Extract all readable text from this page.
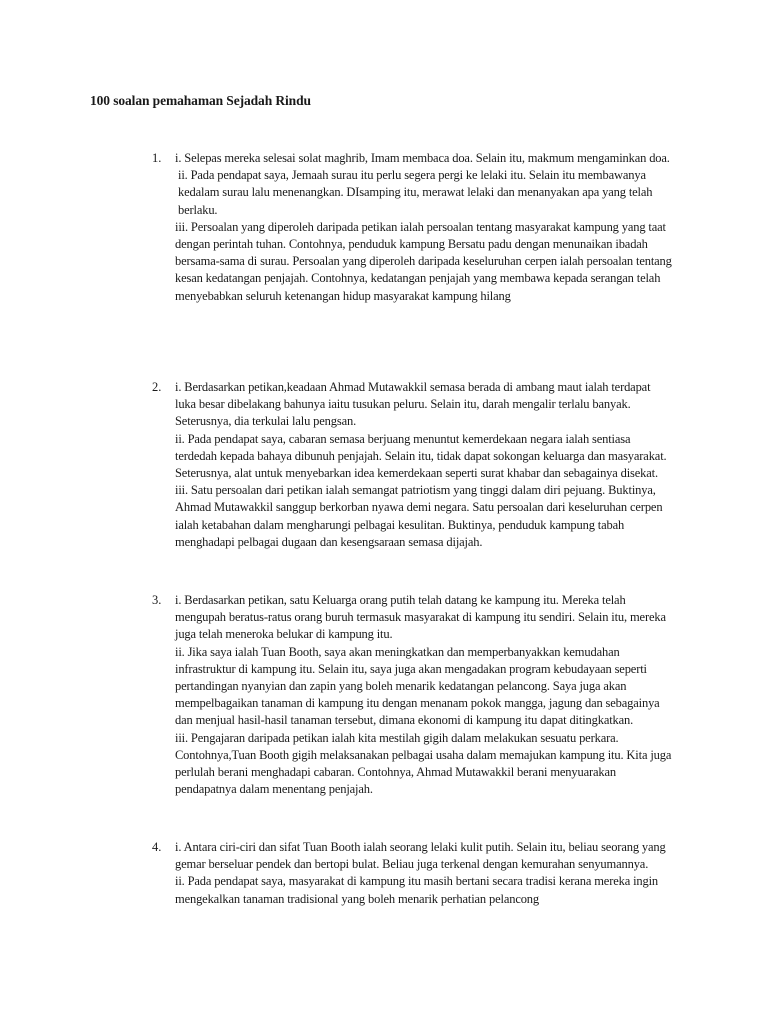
100 soalan pemahaman Sejadah Rindu
1.	i. Selepas mereka selesai solat maghrib, Imam membaca doa. Selain itu, makmum mengaminkan doa.
ii. Pada pendapat saya, Jemaah surau itu perlu segera pergi ke lelaki itu. Selain itu membawanya kedalam surau lalu menenangkan. DIsamping itu, merawat lelaki dan menanyakan apa yang telah berlaku.
iii. Persoalan yang diperoleh daripada petikan ialah persoalan tentang masyarakat kampung yang taat dengan perintah tuhan. Contohnya, penduduk kampung Bersatu padu dengan menunaikan ibadah bersama-sama di surau. Persoalan yang diperoleh daripada keseluruhan cerpen ialah persoalan tentang kesan kedatangan penjajah. Contohnya, kedatangan penjajah yang membawa kepada serangan telah menyebabkan seluruh ketenangan hidup masyarakat kampung hilang
2.	i. Berdasarkan petikan,keadaan Ahmad Mutawakkil semasa berada di ambang maut ialah terdapat luka besar dibelakang bahunya iaitu tusukan peluru. Selain itu, darah mengalir terlalu banyak. Seterusnya, dia terkulai lalu pengsan.
ii. Pada pendapat saya, cabaran semasa berjuang menuntut kemerdekaan negara ialah sentiasa terdedah kepada bahaya dibunuh penjajah. Selain itu, tidak dapat sokongan keluarga dan masyarakat. Seterusnya, alat untuk menyebarkan idea kemerdekaan seperti surat khabar dan sebagainya disekat.
iii. Satu persoalan dari petikan ialah semangat patriotism yang tinggi dalam diri pejuang. Buktinya, Ahmad Mutawakkil sanggup berkorban nyawa demi negara. Satu persoalan dari keseluruhan cerpen ialah ketabahan dalam mengharungi pelbagai kesulitan. Buktinya, penduduk kampung tabah menghadapi pelbagai dugaan dan kesengsaraan semasa dijajah.
3.	i. Berdasarkan petikan, satu Keluarga orang putih telah datang ke kampung itu. Mereka telah mengupah beratus-ratus orang buruh termasuk masyarakat di kampung itu sendiri. Selain itu, mereka juga telah meneroka belukar di kampung itu.
ii. Jika saya ialah Tuan Booth, saya akan meningkatkan dan memperbanyakkan kemudahan infrastruktur di kampung itu. Selain itu, saya juga akan mengadakan program kebudayaan seperti pertandingan nyanyian dan zapin yang boleh menarik kedatangan pelancong. Saya juga akan mempelbagaikan tanaman di kampung itu dengan menanam pokok mangga, jagung dan sebagainya dan menjual hasil-hasil tanaman tersebut, dimana ekonomi di kampung itu dapat ditingkatkan.
iii. Pengajaran daripada petikan ialah kita mestilah gigih dalam melakukan sesuatu perkara. Contohnya,Tuan Booth gigih melaksanakan pelbagai usaha dalam memajukan kampung itu. Kita juga perlulah berani menghadapi cabaran. Contohnya, Ahmad Mutawakkil berani menyuarakan pendapatnya dalam menentang penjajah.
4.	i. Antara ciri-ciri dan sifat Tuan Booth ialah seorang lelaki kulit putih. Selain itu, beliau seorang yang gemar berseluar pendek dan bertopi bulat. Beliau juga terkenal dengan kemurahan senyumannya.
ii. Pada pendapat saya, masyarakat di kampung itu masih bertani secara tradisi kerana mereka ingin mengekalkan tanaman tradisional yang boleh menarik perhatian pelancong
